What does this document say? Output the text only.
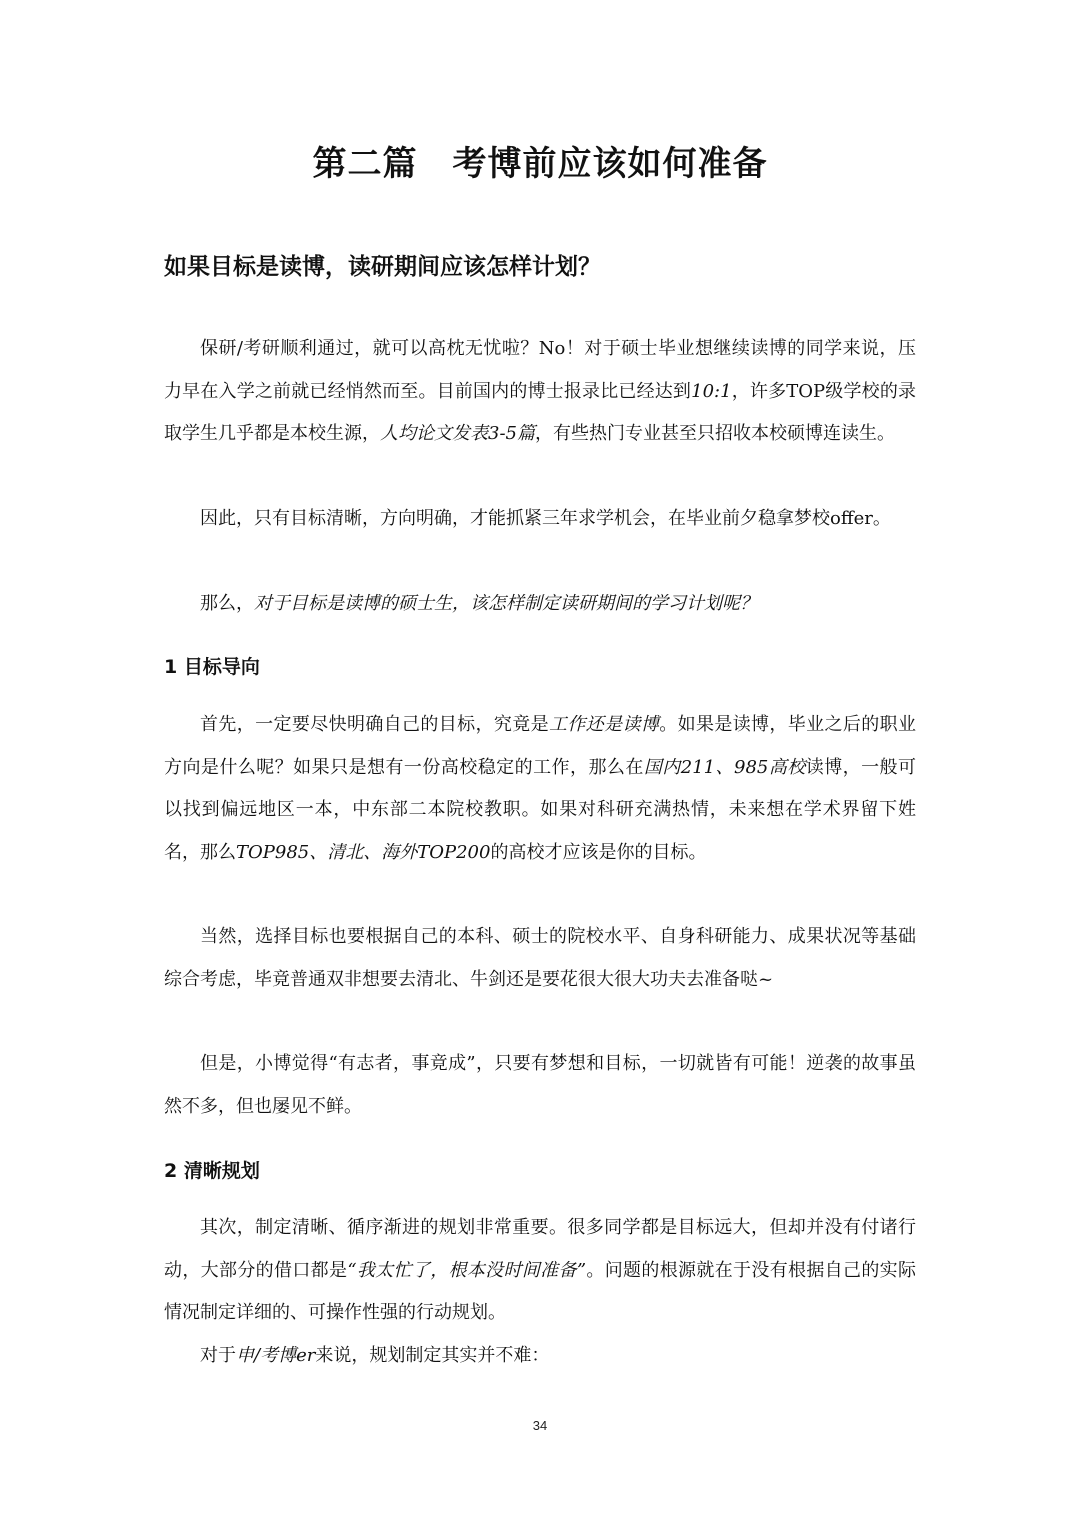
第二篇　考博前应该如何准备
如果目标是读博，读研期间应该怎样计划？

保研/考研顺利通过，就可以高枕无忧啦？No！对于硕士毕业想继续读博的同学来说，压力早在入学之前就已经悄然而至。目前国内的博士报录比已经达到10:1，许多TOP级学校的录取学生几乎都是本校生源，人均论文发表3-5篇，有些热门专业甚至只招收本校硕博连读生。

因此，只有目标清晰，方向明确，才能抓紧三年求学机会，在毕业前夕稳拿梦校offer。

那么，对于目标是读博的硕士生，该怎样制定读研期间的学习计划呢？

1 目标导向

首先，一定要尽快明确自己的目标，究竟是工作还是读博。如果是读博，毕业之后的职业方向是什么呢？如果只是想有一份高校稳定的工作，那么在国内211、985高校读博，一般可以找到偏远地区一本，中东部二本院校教职。如果对科研充满热情，未来想在学术界留下姓名，那么TOP985、清北、海外TOP200的高校才应该是你的目标。

当然，选择目标也要根据自己的本科、硕士的院校水平、自身科研能力、成果状况等基础综合考虑，毕竟普通双非想要去清北、牛剑还是要花很大很大功夫去准备哒~

但是，小博觉得“有志者，事竟成”，只要有梦想和目标，一切就皆有可能！逆袭的故事虽然不多，但也屡见不鲜。

2 清晰规划

其次，制定清晰、循序渐进的规划非常重要。很多同学都是目标远大，但却并没有付诸行动，大部分的借口都是“我太忙了，根本没时间准备”。问题的根源就在于没有根据自己的实际情况制定详细的、可操作性强的行动规划。

对于申/考博er来说，规划制定其实并不难：

34
